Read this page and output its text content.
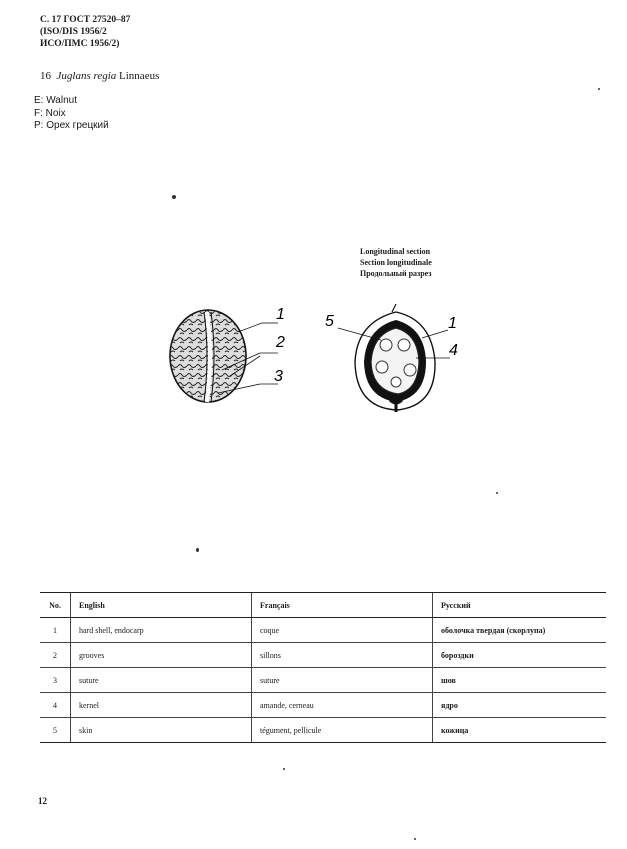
С. 17 ГОСТ 27520–87
(ISO/DIS 1956/2
ИСО/ПМС 1956/2)
16 Juglans regia Linnaeus
E: Walnut
F: Noix
P: Орех грецкий
Longitudinal section
Section longitudinale
Продольный разрез
1
2
3
5	1
4
No.	English	Français	Русский
1	hard shell, endocarp	coque	оболочка твердая (скорлупа)
2	grooves	sillons	бороздки
3	suture	suture	шов
4	kernel	amande, cerneau	ядро
5	skin	tégument, pellicule	кожица
12
